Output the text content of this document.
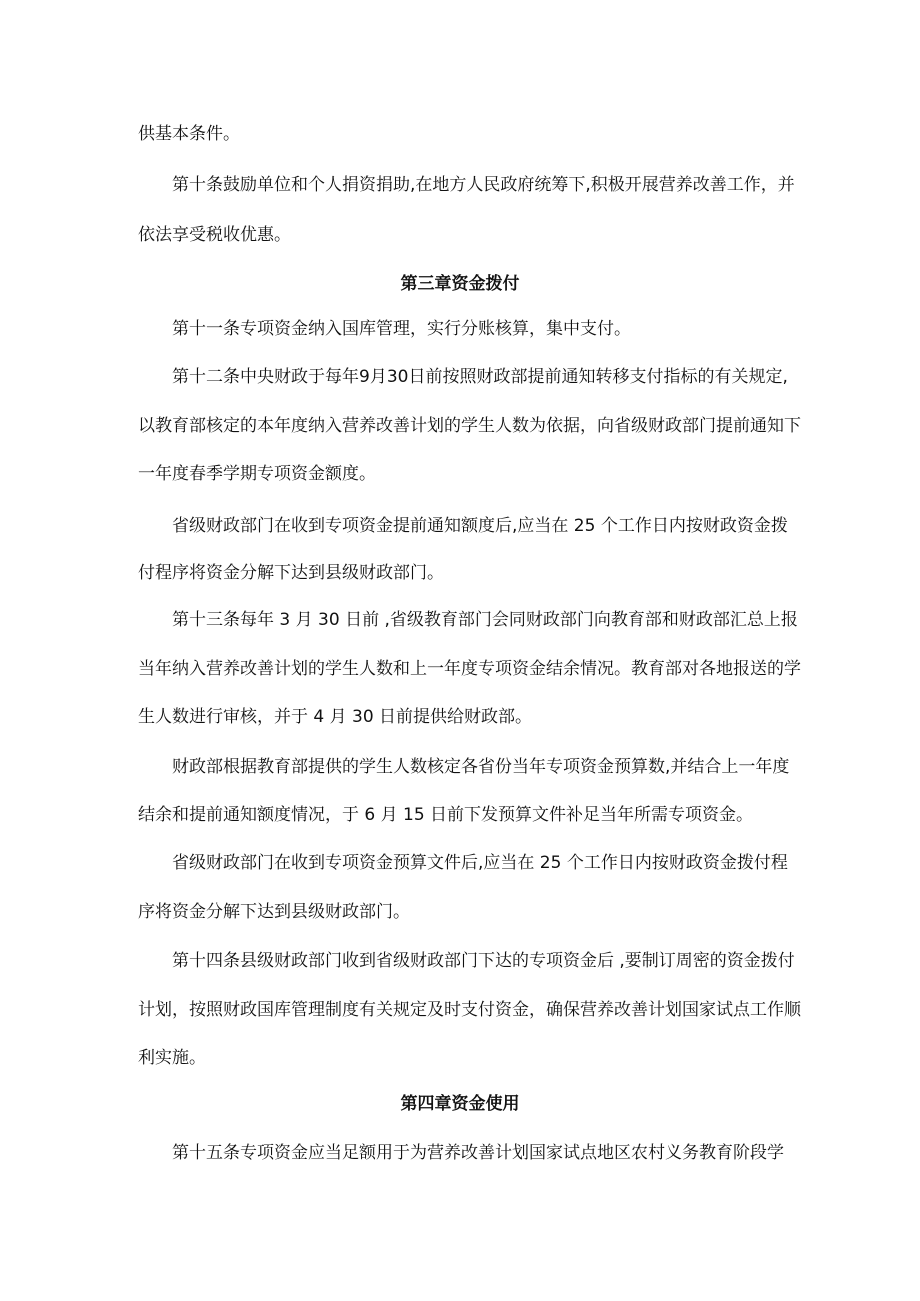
供基本条件。

第十条鼓励单位和个人捐资捐助,在地方人民政府统筹下,积极开展营养改善工作，并

依法享受税收优惠。

第三章资金拨付

第十一条专项资金纳入国库管理，实行分账核算，集中支付。

第十二条中央财政于每年9月30日前按照财政部提前通知转移支付指标的有关规定,

以教育部核定的本年度纳入营养改善计划的学生人数为依据，向省级财政部门提前通知下

一年度春季学期专项资金额度。

省级财政部门在收到专项资金提前通知额度后,应当在 25 个工作日内按财政资金拨

付程序将资金分解下达到县级财政部门。

第十三条每年 3 月 30 日前 ,省级教育部门会同财政部门向教育部和财政部汇总上报

当年纳入营养改善计划的学生人数和上一年度专项资金结余情况。教育部对各地报送的学

生人数进行审核，并于 4 月 30 日前提供给财政部。

财政部根据教育部提供的学生人数核定各省份当年专项资金预算数,并结合上一年度

结余和提前通知额度情况，于 6 月 15 日前下发预算文件补足当年所需专项资金。

省级财政部门在收到专项资金预算文件后,应当在 25 个工作日内按财政资金拨付程

序将资金分解下达到县级财政部门。

第十四条县级财政部门收到省级财政部门下达的专项资金后 ,要制订周密的资金拨付

计划，按照财政国库管理制度有关规定及时支付资金，确保营养改善计划国家试点工作顺

利实施。

第四章资金使用

第十五条专项资金应当足额用于为营养改善计划国家试点地区农村义务教育阶段学
